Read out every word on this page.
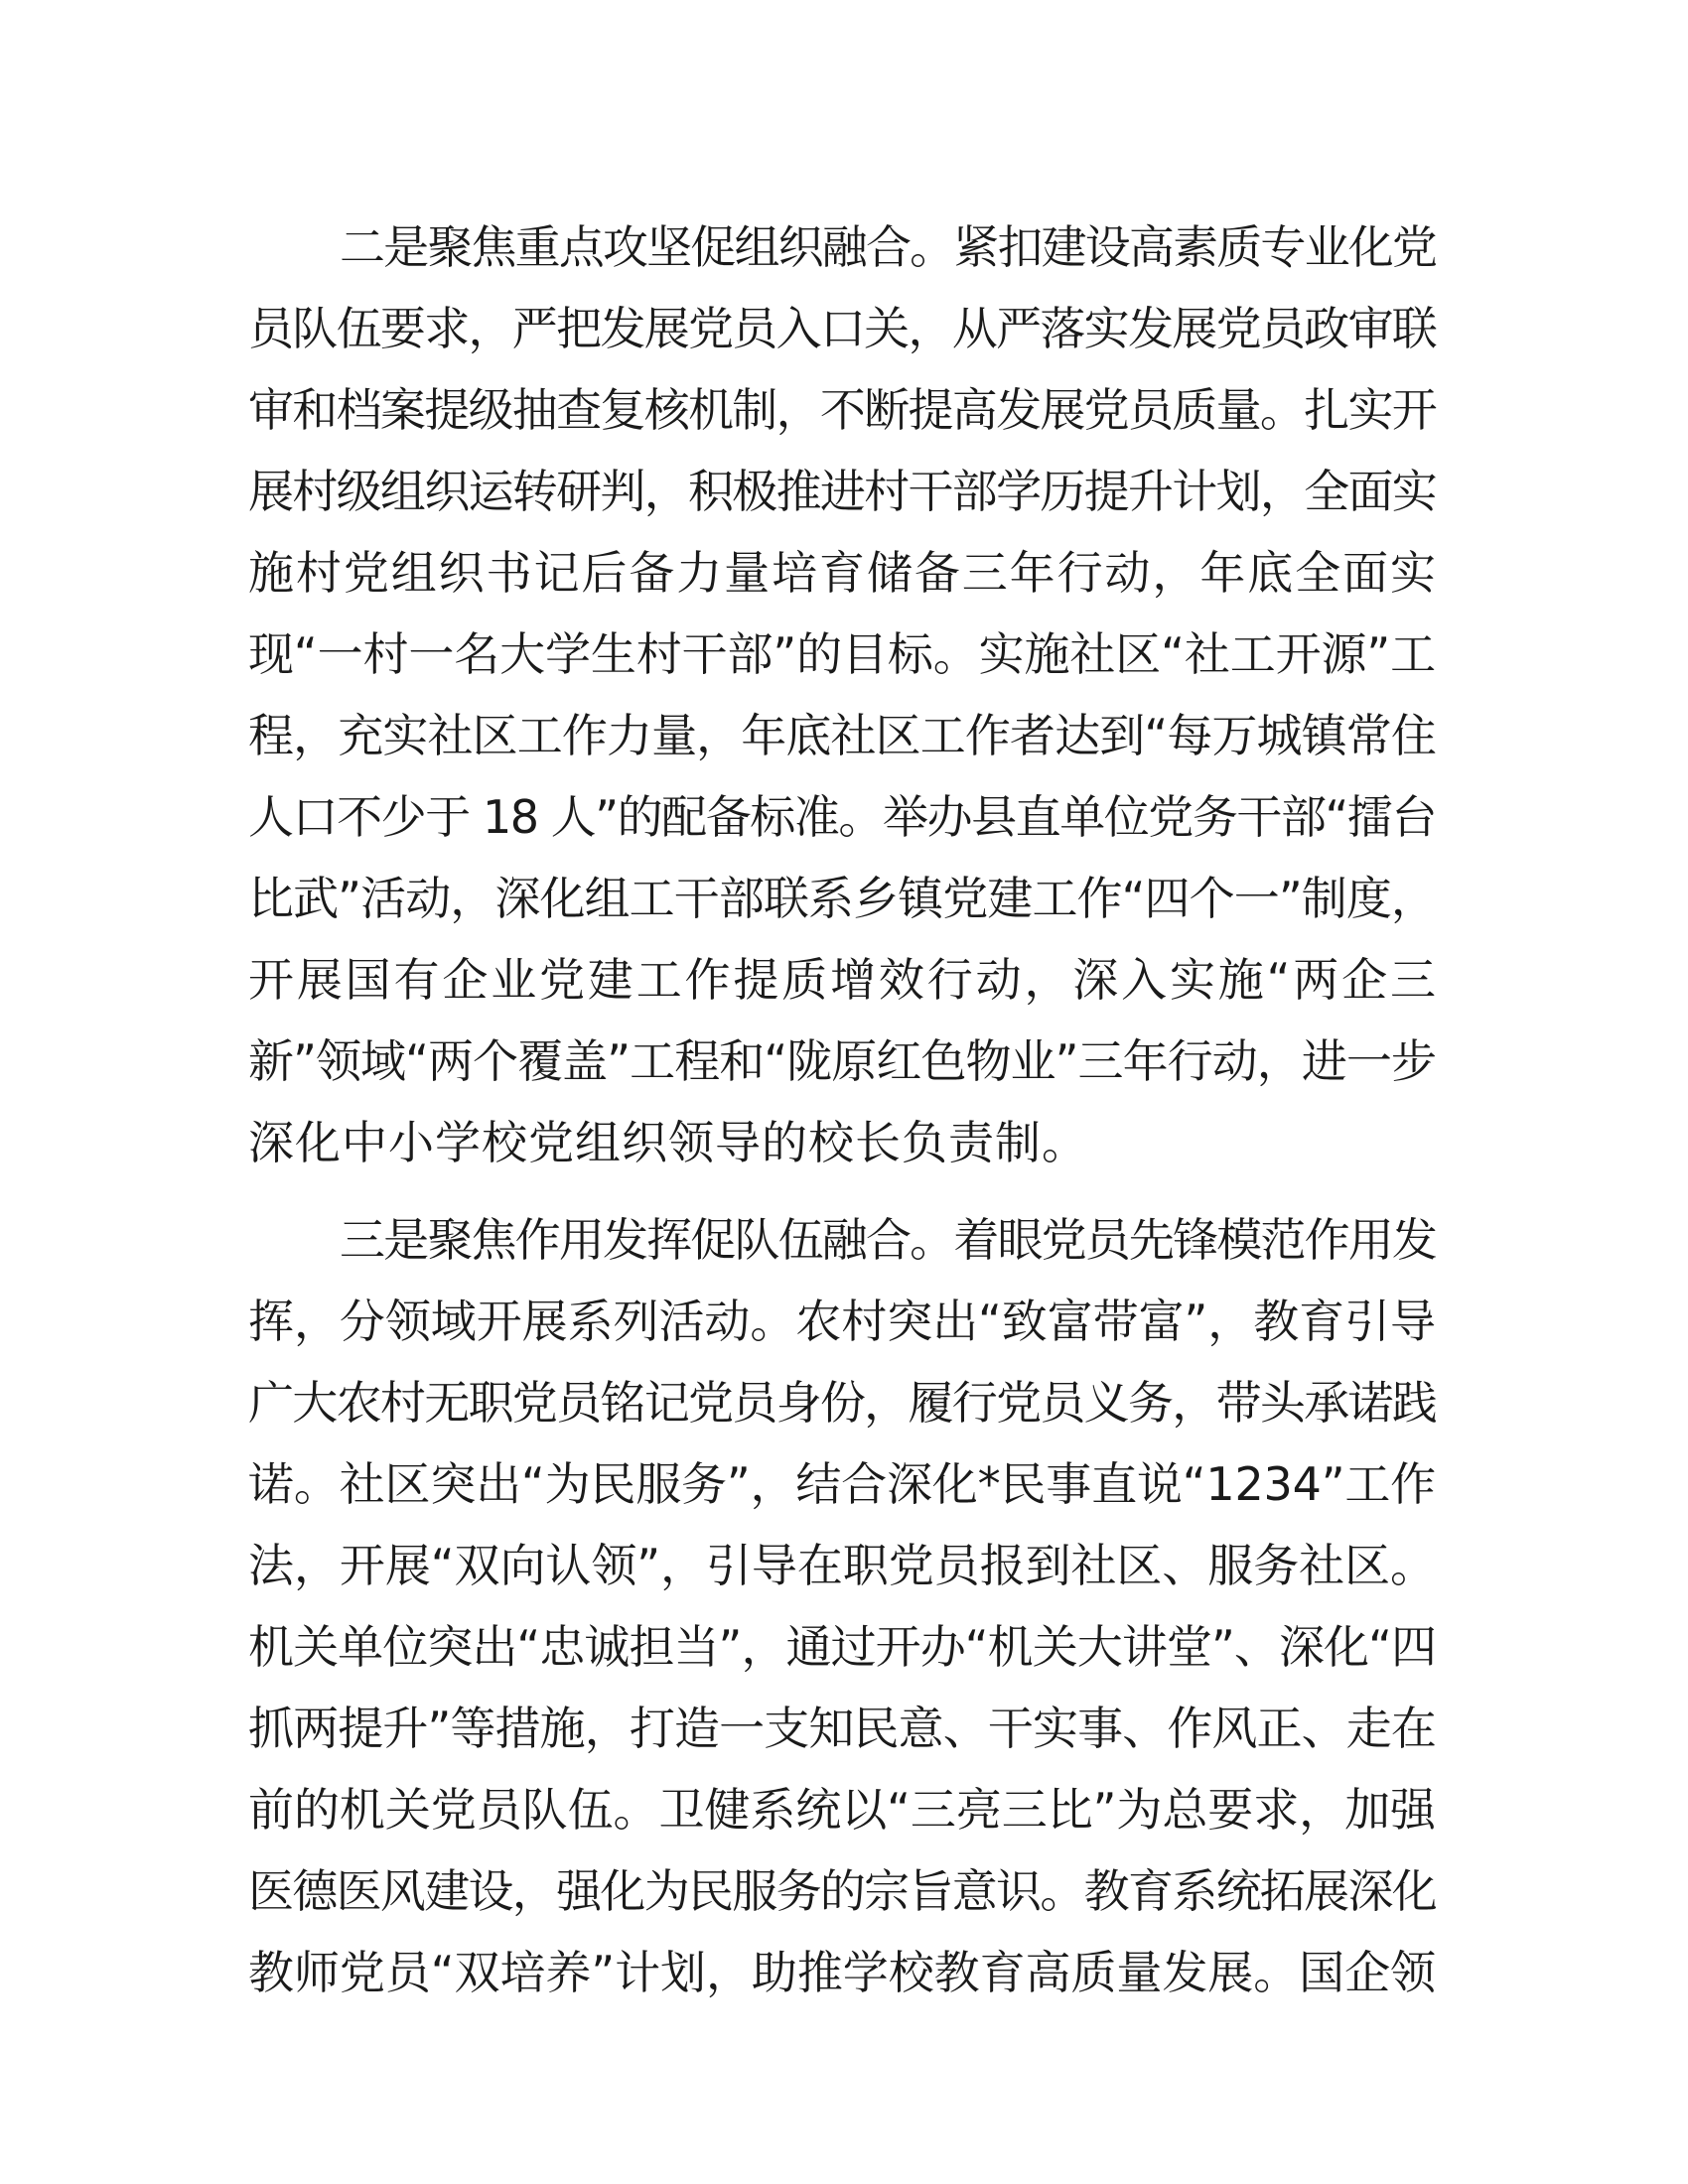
二是聚焦重点攻坚促组织融合。紧扣建设高素质专业化党
员队伍要求，严把发展党员入口关，从严落实发展党员政审联
审和档案提级抽查复核机制，不断提高发展党员质量。扎实开
展村级组织运转研判，积极推进村干部学历提升计划，全面实
施村党组织书记后备力量培育储备三年行动，年底全面实
现“一村一名大学生村干部”的目标。实施社区“社工开源”工
程，充实社区工作力量，年底社区工作者达到“每万城镇常住
人口不少于 18 人”的配备标准。举办县直单位党务干部“擂台
比武”活动，深化组工干部联系乡镇党建工作“四个一”制度，
开展国有企业党建工作提质增效行动，深入实施“两企三
新”领域“两个覆盖”工程和“陇原红色物业”三年行动，进一步
深化中小学校党组织领导的校长负责制。
三是聚焦作用发挥促队伍融合。着眼党员先锋模范作用发
挥，分领域开展系列活动。农村突出“致富带富”，教育引导
广大农村无职党员铭记党员身份，履行党员义务，带头承诺践
诺。社区突出“为民服务”，结合深化*民事直说“1234”工作
法，开展“双向认领”，引导在职党员报到社区、服务社区。
机关单位突出“忠诚担当”，通过开办“机关大讲堂”、深化“四
抓两提升”等措施，打造一支知民意、干实事、作风正、走在
前的机关党员队伍。卫健系统以“三亮三比”为总要求，加强
医德医风建设，强化为民服务的宗旨意识。教育系统拓展深化
教师党员“双培养”计划，助推学校教育高质量发展。国企领
